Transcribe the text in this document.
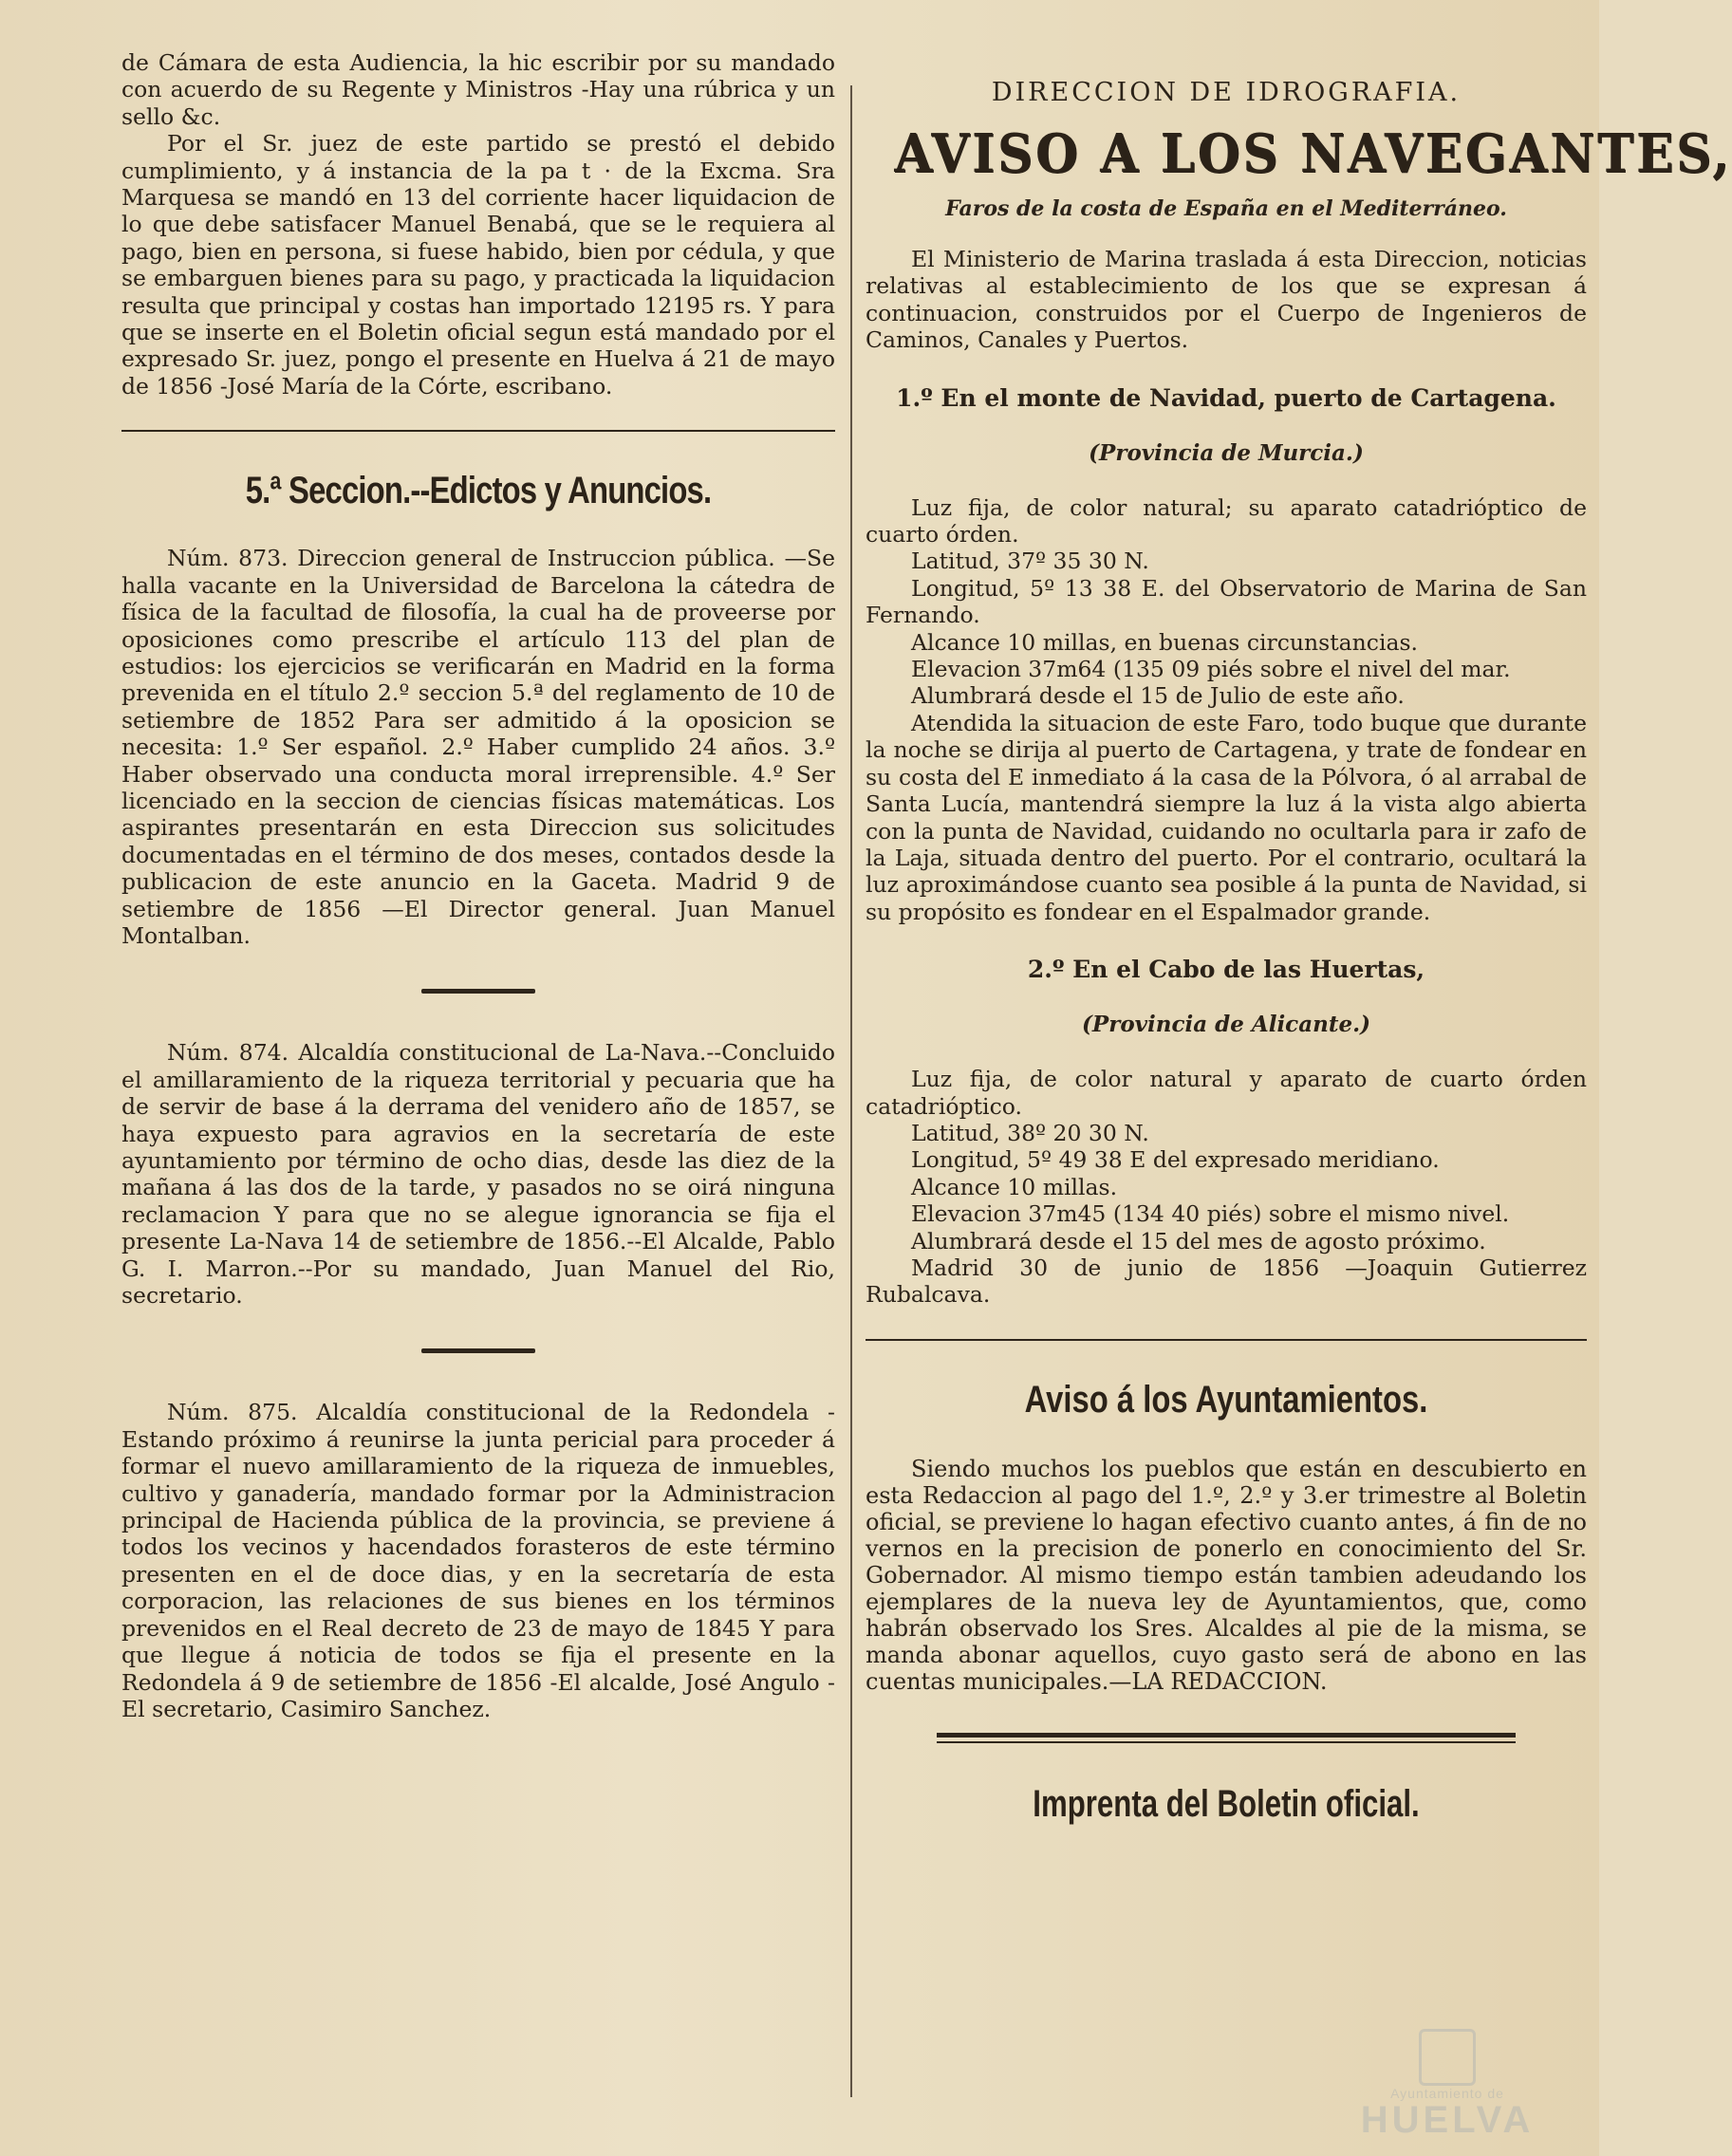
de Cámara de esta Audiencia, la hic escribir por su mandado con acuerdo de su Regente y Ministros -Hay una rúbrica y un sello &c.

Por el Sr. juez de este partido se prestó el debido cumplimiento, y á instancia de la pa t · de la Excma. Sra Marquesa se mandó en 13 del corriente hacer liquidacion de lo que debe satisfacer Manuel Benabá, que se le requiera al pago, bien en persona, si fuese habido, bien por cédula, y que se embarguen bienes para su pago, y practicada la liquidacion resulta que principal y costas han importado 12195 rs. Y para que se inserte en el Boletin oficial segun está mandado por el expresado Sr. juez, pongo el presente en Huelva á 21 de mayo de 1856 -José María de la Córte, escribano.

5.ª Seccion.--Edictos y Anuncios.

Núm. 873. Direccion general de Instruccion pública. —Se halla vacante en la Universidad de Barcelona la cátedra de física de la facultad de filosofía, la cual ha de proveerse por oposiciones como prescribe el artículo 113 del plan de estudios: los ejercicios se verificarán en Madrid en la forma prevenida en el título 2.º seccion 5.ª del reglamento de 10 de setiembre de 1852 Para ser admitido á la oposicion se necesita: 1.º Ser español. 2.º Haber cumplido 24 años. 3.º Haber observado una conducta moral irreprensible. 4.º Ser licenciado en la seccion de ciencias físicas matemáticas. Los aspirantes presentarán en esta Direccion sus solicitudes documentadas en el término de dos meses, contados desde la publicacion de este anuncio en la Gaceta. Madrid 9 de setiembre de 1856 —El Director general. Juan Manuel Montalban.

Núm. 874. Alcaldía constitucional de La-Nava.--Concluido el amillaramiento de la riqueza territorial y pecuaria que ha de servir de base á la derrama del venidero año de 1857, se haya expuesto para agravios en la secretaría de este ayuntamiento por término de ocho dias, desde las diez de la mañana á las dos de la tarde, y pasados no se oirá ninguna reclamacion Y para que no se alegue ignorancia se fija el presente La-Nava 14 de setiembre de 1856.--El Alcalde, Pablo G. I. Marron.--Por su mandado, Juan Manuel del Rio, secretario.

Núm. 875. Alcaldía constitucional de la Redondela -Estando próximo á reunirse la junta pericial para proceder á formar el nuevo amillaramiento de la riqueza de inmuebles, cultivo y ganadería, mandado formar por la Administracion principal de Hacienda pública de la provincia, se previene á todos los vecinos y hacendados forasteros de este término presenten en el de doce dias, y en la secretaría de esta corporacion, las relaciones de sus bienes en los términos prevenidos en el Real decreto de 23 de mayo de 1845 Y para que llegue á noticia de todos se fija el presente en la Redondela á 9 de setiembre de 1856 -El alcalde, José Angulo -El secretario, Casimiro Sanchez.

DIRECCION DE IDROGRAFIA.
AVISO A LOS NAVEGANTES,
Faros de la costa de España en el Mediterráneo.

El Ministerio de Marina traslada á esta Direccion, noticias relativas al establecimiento de los que se expresan á continuacion, construidos por el Cuerpo de Ingenieros de Caminos, Canales y Puertos.

1.º En el monte de Navidad, puerto de Cartagena.
(Provincia de Murcia.)

Luz fija, de color natural; su aparato catadrióptico de cuarto órden.

Latitud, 37º 35 30 N.

Longitud, 5º 13 38 E. del Observatorio de Marina de San Fernando.

Alcance 10 millas, en buenas circunstancias.

Elevacion 37m64 (135 09 piés sobre el nivel del mar.

Alumbrará desde el 15 de Julio de este año.

Atendida la situacion de este Faro, todo buque que durante la noche se dirija al puerto de Cartagena, y trate de fondear en su costa del E inmediato á la casa de la Pólvora, ó al arrabal de Santa Lucía, mantendrá siempre la luz á la vista algo abierta con la punta de Navidad, cuidando no ocultarla para ir zafo de la Laja, situada dentro del puerto. Por el contrario, ocultará la luz aproximándose cuanto sea posible á la punta de Navidad, si su propósito es fondear en el Espalmador grande.

2.º En el Cabo de las Huertas,
(Provincia de Alicante.)

Luz fija, de color natural y aparato de cuarto órden catadrióptico.

Latitud, 38º 20 30 N.

Longitud, 5º 49 38 E del expresado meridiano.

Alcance 10 millas.

Elevacion 37m45 (134 40 piés) sobre el mismo nivel.

Alumbrará desde el 15 del mes de agosto próximo.

Madrid 30 de junio de 1856 —Joaquin Gutierrez Rubalcava.

Aviso á los Ayuntamientos.

Siendo muchos los pueblos que están en descubierto en esta Redaccion al pago del 1.º, 2.º y 3.er trimestre al Boletin oficial, se previene lo hagan efectivo cuanto antes, á fin de no vernos en la precision de ponerlo en conocimiento del Sr. Gobernador. Al mismo tiempo están tambien adeudando los ejemplares de la nueva ley de Ayuntamientos, que, como habrán observado los Sres. Alcaldes al pie de la misma, se manda abonar aquellos, cuyo gasto será de abono en las cuentas municipales.—LA REDACCION.

Imprenta del Boletin oficial.
Ayuntamiento de
HUELVA
